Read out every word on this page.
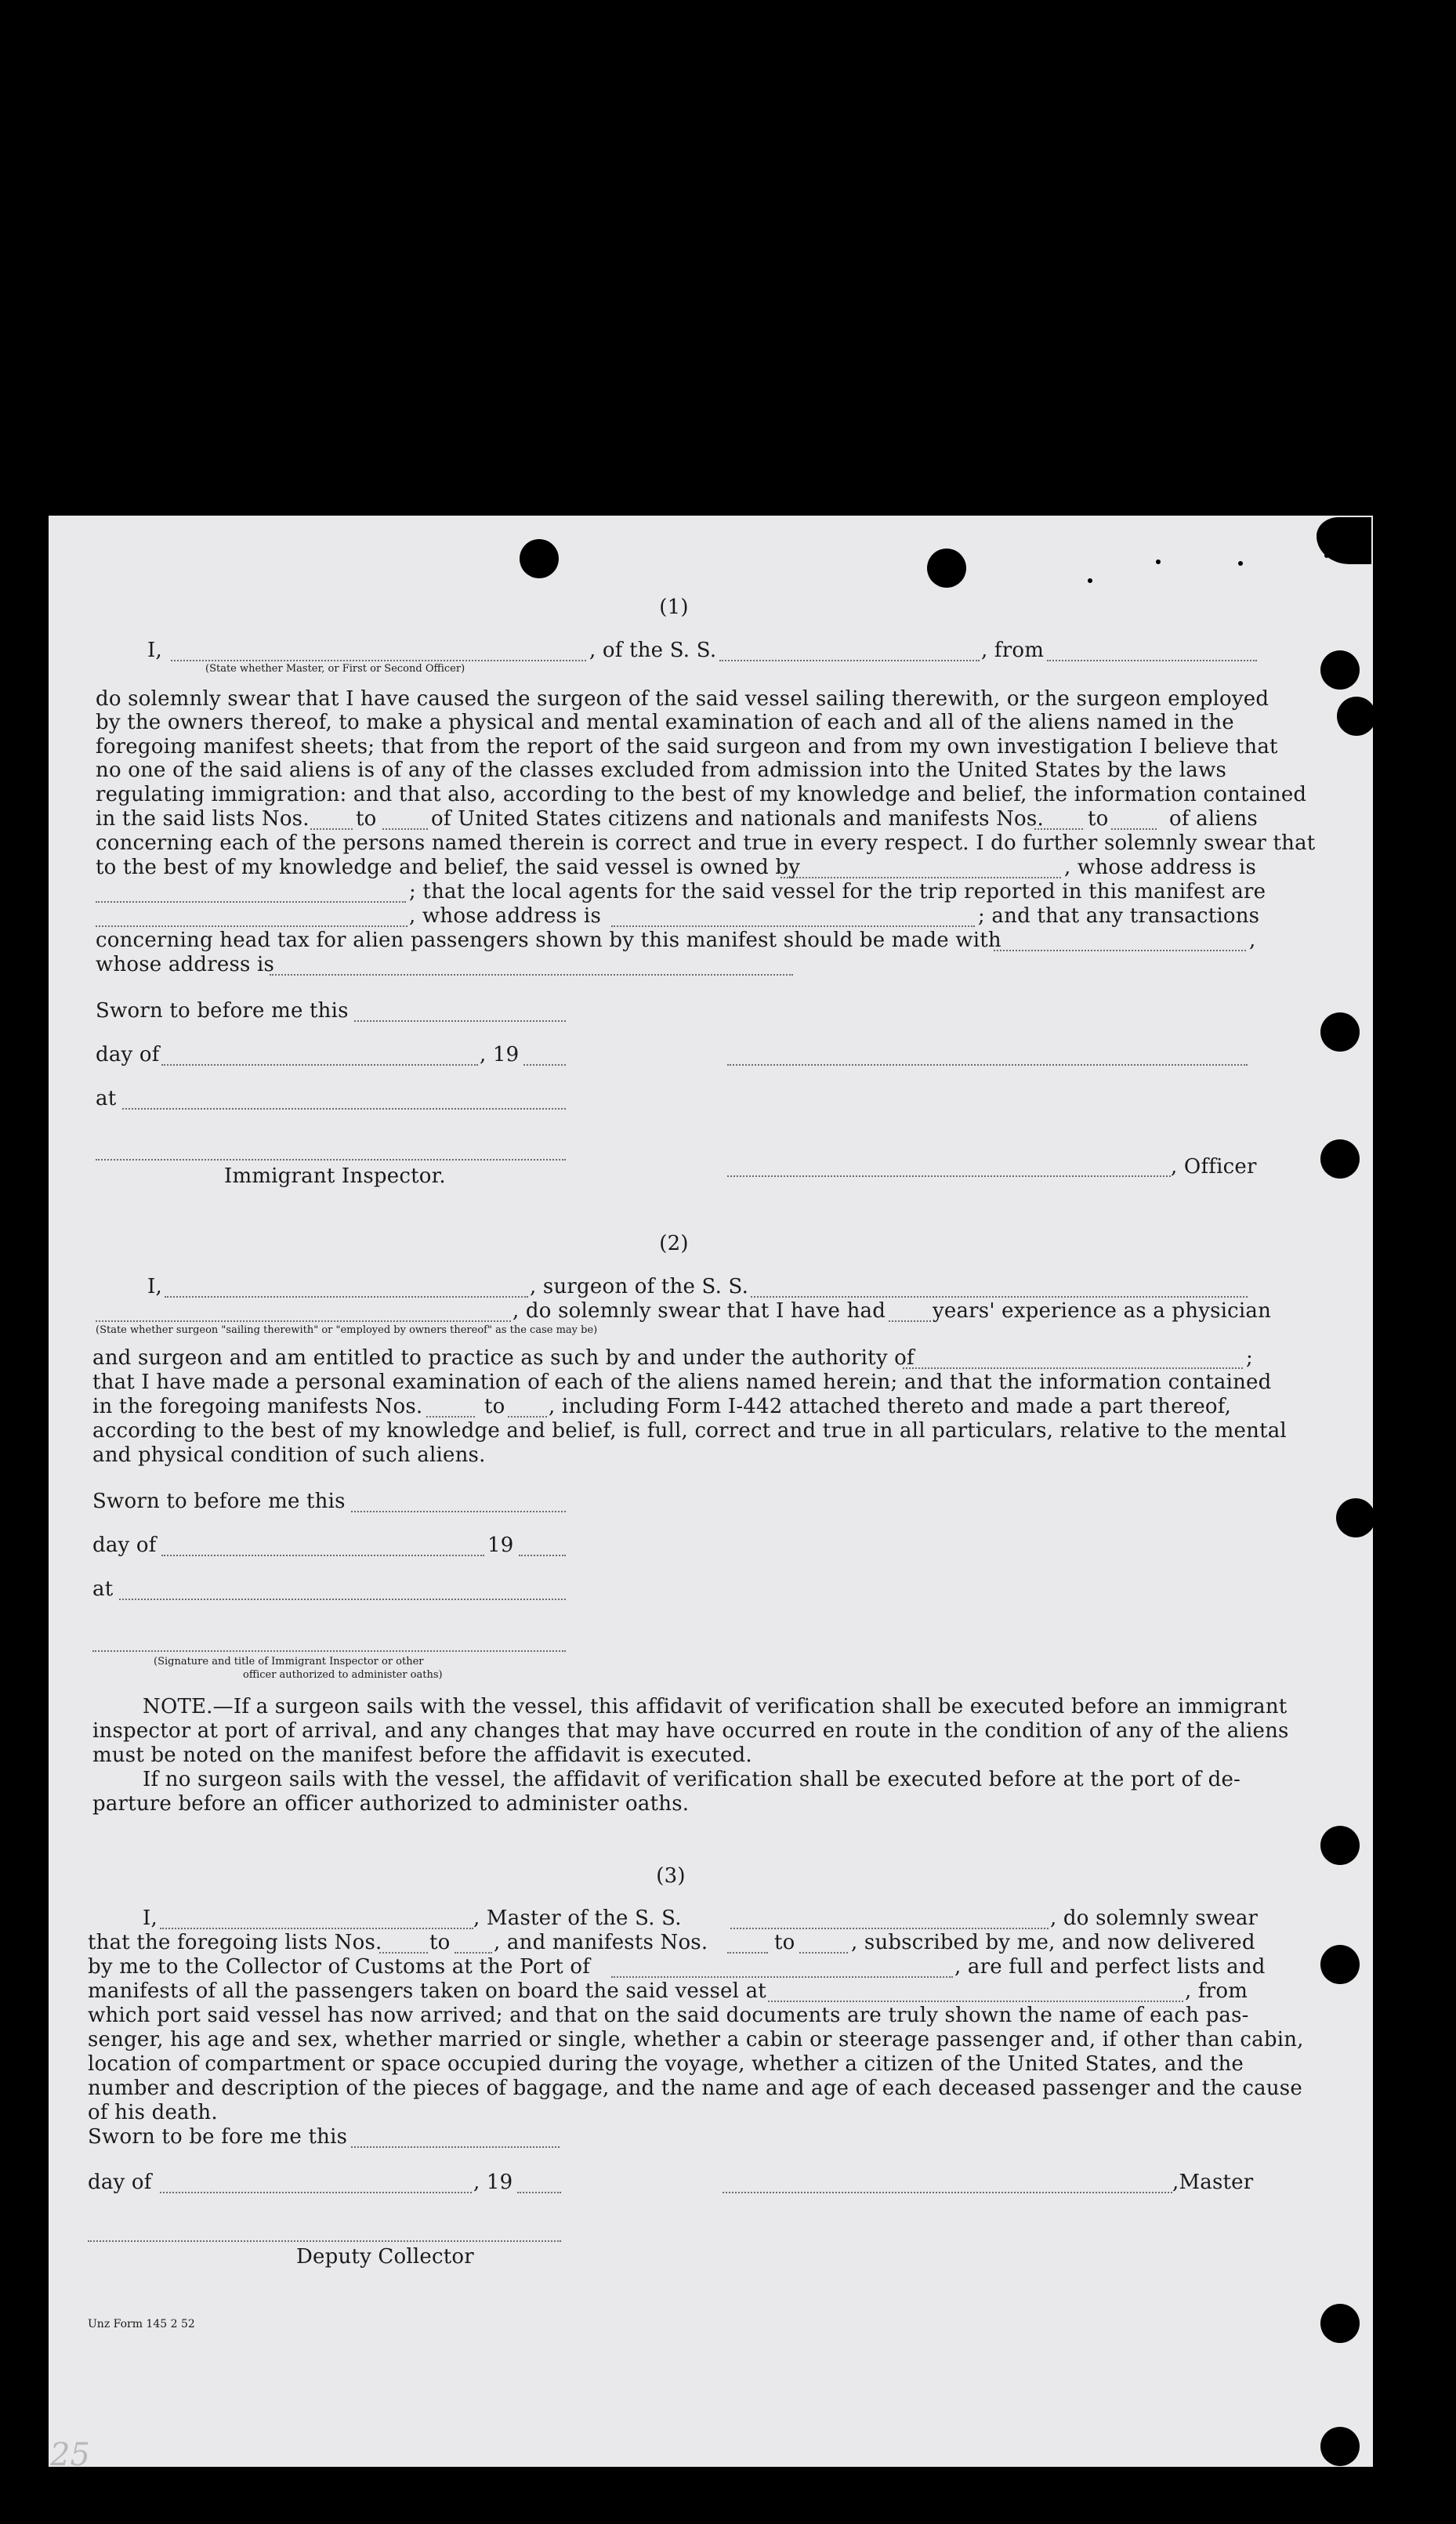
(1)
I,	, of the S. S.	, from
(State whether Master, or First or Second Officer)
do solemnly swear that I have caused the surgeon of the said vessel sailing therewith, or the surgeon employed
by the owners thereof, to make a physical and mental examination of each and all of the aliens named in the
foregoing manifest sheets; that from the report of the said surgeon and from my own investigation I believe that
no one of the said aliens is of any of the classes excluded from admission into the United States by the laws
regulating immigration: and that also, according to the best of my knowledge and belief, the information contained
in the said lists Nos. to	of United States citizens and nationals and manifests Nos. to	of aliens
concerning each of the persons named therein is correct and true in every respect. I do further solemnly swear that
to the best of my knowledge and belief, the said vessel is owned by	, whose address is
; that the local agents for the said vessel for the trip reported in this manifest are
, whose address is	; and that any transactions
concerning head tax for alien passengers shown by this manifest should be made with	,
whose address is
Sworn to before me this
day of	, 19
at
Immigrant Inspector.	, Officer
(2)
I,	, surgeon of the S. S.
, do solemnly swear that I have had years' experience as a physician
(State whether surgeon "sailing therewith" or "employed by owners thereof" as the case may be)
and surgeon and am entitled to practice as such by and under the authority of	;
that I have made a personal examination of each of the aliens named herein; and that the information contained
in the foregoing manifests Nos.	to , including Form I-442 attached thereto and made a part thereof,
according to the best of my knowledge and belief, is full, correct and true in all particulars, relative to the mental
and physical condition of such aliens.
Sworn to before me this
day of	19
at
(Signature and title of Immigrant Inspector or other
officer authorized to administer oaths)
NOTE.—If a surgeon sails with the vessel, this affidavit of verification shall be executed before an immigrant
inspector at port of arrival, and any changes that may have occurred en route in the condition of any of the aliens
must be noted on the manifest before the affidavit is executed.
If no surgeon sails with the vessel, the affidavit of verification shall be executed before at the port of de-
parture before an officer authorized to administer oaths.
(3)
I,	, Master of the S. S.	, do solemnly swear
that the foregoing lists Nos. to , and manifests Nos.	to	, subscribed by me, and now delivered
by me to the Collector of Customs at the Port of	, are full and perfect lists and
manifests of all the passengers taken on board the said vessel at	, from
which port said vessel has now arrived; and that on the said documents are truly shown the name of each pas-
senger, his age and sex, whether married or single, whether a cabin or steerage passenger and, if other than cabin,
location of compartment or space occupied during the voyage, whether a citizen of the United States, and the
number and description of the pieces of baggage, and the name and age of each deceased passenger and the cause
of his death.
Sworn to be fore me this
day of	, 19	,Master
Deputy Collector
Unz Form 145 2 52
25
